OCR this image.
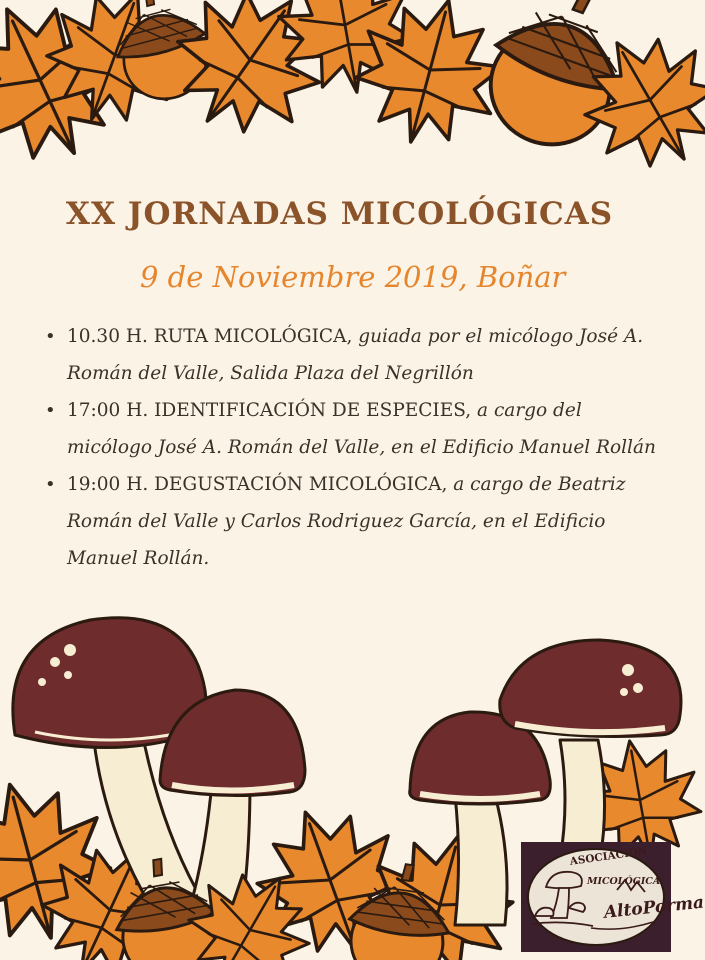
XX JORNADAS MICOLÓGICAS

9 de Noviembre 2019, Boñar

• 10.30 H. RUTA MICOLÓGICA, guiada por el micólogo José A. Román del Valle, Salida Plaza del Negrillón
• 17:00 H. IDENTIFICACIÓN DE ESPECIES, a cargo del micólogo José A. Román del Valle, en el Edificio Manuel Rollán
• 19:00 H. DEGUSTACIÓN MICOLÓGICA, a cargo de Beatriz Román del Valle y Carlos Rodriguez García, en el Edificio Manuel Rollán.
ASOCIACIÓN
MICOLÓGICA
AltoPorma
